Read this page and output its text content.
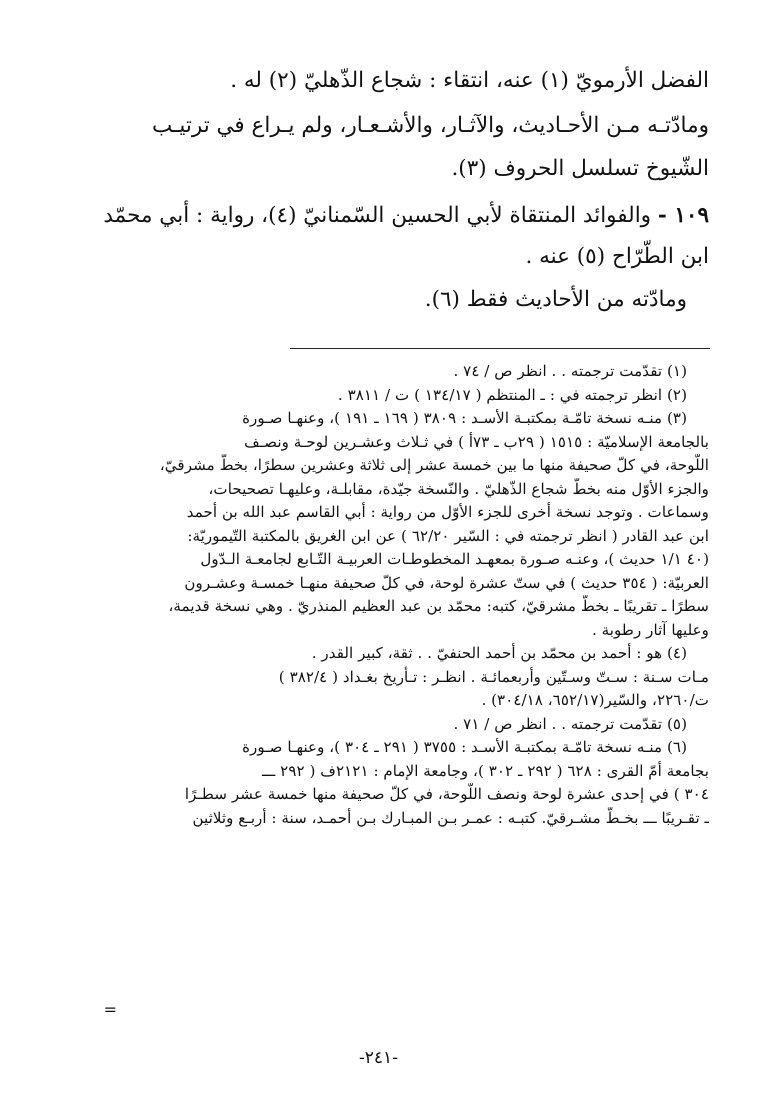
الفضل الأرمويّ (١) عنه، انتقاء : شجاع الذّهليّ (٢) له .
ومادّتـه مـن الأحـاديث، والآثـار، والأشـعـار، ولم يـراع في ترتيـب
الشّيوخ تسلسل الحروف (٣).
١٠٩ - والفوائد المنتقاة لأبي الحسين السّمنانيّ (٤)، رواية : أبي محمّد
ابن الطّرّاح (٥) عنه .
ومادّته من الأحاديث فقط (٦).
(١) تقدّمت ترجمته . . انظر ص / ٧٤ .
(٢) انظر ترجمته في : ـ المنتظم ( ١٣٤/١٧ ) ت / ٣٨١١ .
(٣) منـه نسخة تامّـة بمكتبـة الأسـد : ٣٨٠٩ ( ١٦٩ ـ ١٩١ )، وعنهـا صـورة
بالجامعة الإسلاميّة : ١٥١٥ ( ٢٩ب ـ ٧٣أ ) في ثـلاث وعشـرين لوحـة ونصـف
اللّوحة، في كلّ صحيفة منها ما بين خمسة عشر إلى ثلاثة وعشرين سطرًا، بخطّ مشرقيّ،
والجزء الأوّل منه بخطّ شجاع الذّهليّ . والنّسخة جيّدة، مقابلـة، وعليهـا تصحيحات،
وسماعات . وتوجد نسخة أخرى للجزء الأوّل من رواية : أبي القاسم عبد الله بن أحمد
ابن عبد القادر ( انظر ترجمته في : السّير ٦٢/٢٠ ) عن ابن الغريق بالمكتبة التّيموريّة:
(٤٠ ١/١ حديث )، وعنـه صـورة بمعهـد المخطوطـات العربيـة التّـابع لجامعـة الـدّول
العربيّة: ( ٣٥٤ حديث ) في ستّ عشرة لوحة، في كلّ صحيفة منهـا خمسـة وعشـرون
سطرًا ـ تقريبًا ـ بخطّ مشرقيّ، كتبه: محمّد بن عبد العظيم المنذريّ . وهي نسخة قديمة،
وعليها آثار رطوبة .
(٤) هو : أحمد بن محمّد بن أحمد الحنفيّ . . ثقة، كبير القدر .
مـات سـنة : سـتّ وسـتّين وأربعمائـة . انظـر : تـأريخ بغـداد ( ٣٨٢/٤ )
ت/٢٢٦٠، والسّير(٦٥٢/١٧، ٣٠٤/١٨) .
(٥) تقدّمت ترجمته . . انظر ص / ٧١ .
(٦) منـه نسخة تامّـة بمكتبـة الأسـد : ٣٧٥٥ ( ٢٩١ ـ ٣٠٤ )، وعنهـا صـورة
بجامعة أمّ القرى : ٦٢٨ ( ٢٩٢ ـ ٣٠٢ )، وجامعة الإمام : ٢١٢١ف ( ٢٩٢ ـــ
٣٠٤ ) في إحدى عشرة لوحة ونصف اللّوحة، في كلّ صحيفة منها خمسة عشر سطـرًا
ـ تقـريبًا ـــ بخـطّ مشـرقيّ. كتبـه : عمـر بـن المبـارك بـن أحمـد، سنة : أربـع وثلاثين
=
-٢٤١-
